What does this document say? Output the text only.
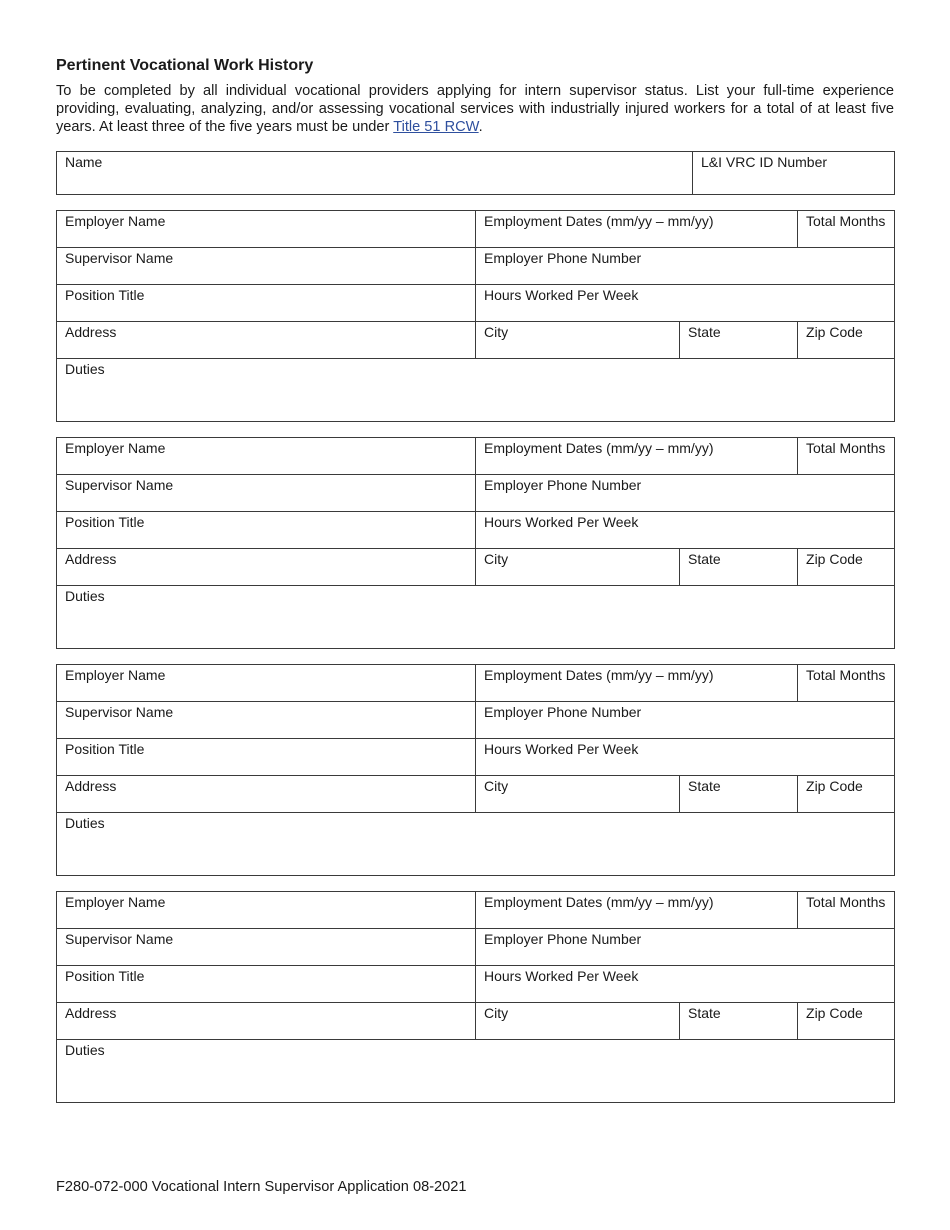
Pertinent Vocational Work History

To be completed by all individual vocational providers applying for intern supervisor status. List your full-time experience providing, evaluating, analyzing, and/or assessing vocational services with industrially injured workers for a total of at least five years. At least three of the five years must be under Title 51 RCW.

Name	L&I VRC ID Number
Employer Name	Employment Dates (mm/yy – mm/yy)		Total Months
Supervisor Name	Employer Phone Number		
Position Title	Hours Worked Per Week		
Address	City	State	Zip Code
Duties			
Employer Name	Employment Dates (mm/yy – mm/yy)		Total Months
Supervisor Name	Employer Phone Number		
Position Title	Hours Worked Per Week		
Address	City	State	Zip Code
Duties			
Employer Name	Employment Dates (mm/yy – mm/yy)		Total Months
Supervisor Name	Employer Phone Number		
Position Title	Hours Worked Per Week		
Address	City	State	Zip Code
Duties			
Employer Name	Employment Dates (mm/yy – mm/yy)		Total Months
Supervisor Name	Employer Phone Number		
Position Title	Hours Worked Per Week		
Address	City	State	Zip Code
Duties			
F280-072-000 Vocational Intern Supervisor Application 08-2021
